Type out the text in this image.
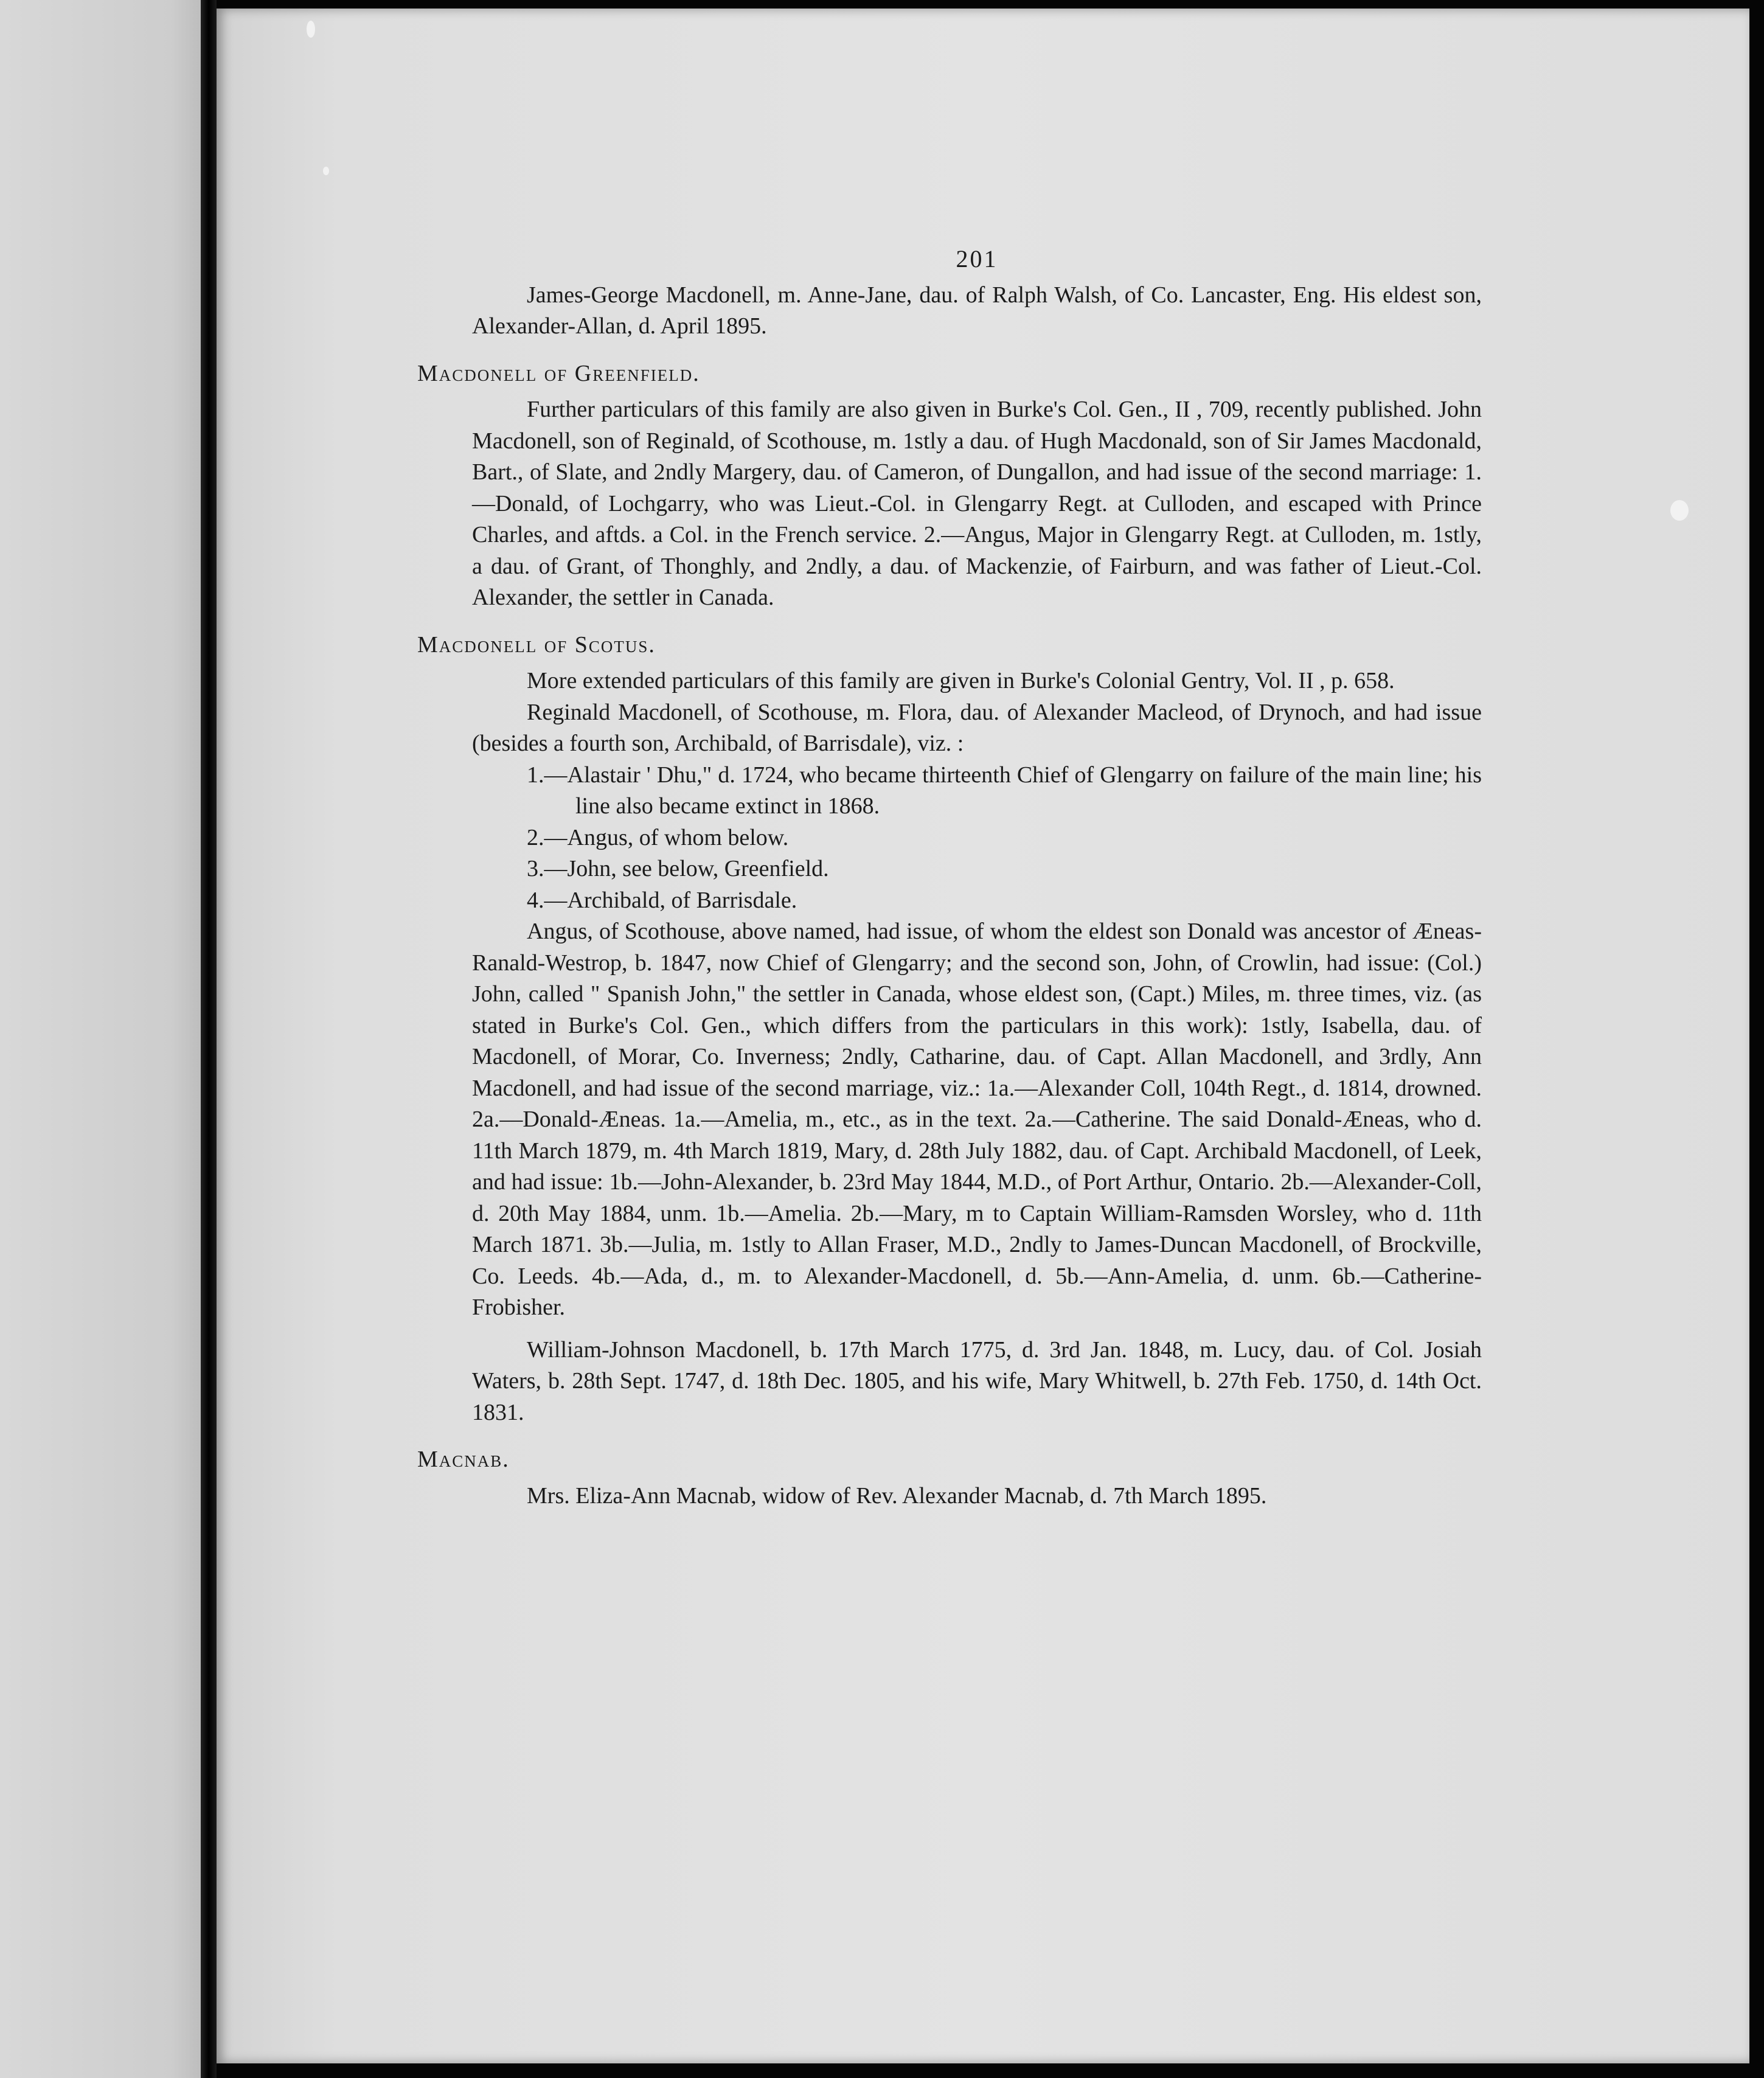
201

James-George Macdonell, m. Anne-Jane, dau. of Ralph Walsh, of Co. Lancaster, Eng. His eldest son, Alexander-Allan, d. April 1895.

Macdonell of Greenfield.

Further particulars of this family are also given in Burke's Col. Gen., II , 709, recently published. John Macdonell, son of Reginald, of Scothouse, m. 1stly a dau. of Hugh Macdonald, son of Sir James Macdonald, Bart., of Slate, and 2ndly Margery, dau. of Cameron, of Dungallon, and had issue of the second marriage: 1.—Donald, of Lochgarry, who was Lieut.-Col. in Glengarry Regt. at Culloden, and escaped with Prince Charles, and aftds. a Col. in the French service. 2.—Angus, Major in Glengarry Regt. at Culloden, m. 1stly, a dau. of Grant, of Thonghly, and 2ndly, a dau. of Mackenzie, of Fairburn, and was father of Lieut.-Col. Alexander, the settler in Canada.

Macdonell of Scotus.

More extended particulars of this family are given in Burke's Colonial Gentry, Vol. II , p. 658.

Reginald Macdonell, of Scothouse, m. Flora, dau. of Alexander Macleod, of Drynoch, and had issue (besides a fourth son, Archibald, of Barrisdale), viz. :

1.—Alastair ' Dhu," d. 1724, who became thirteenth Chief of Glengarry on failure of the main line; his line also became extinct in 1868.
2.—Angus, of whom below.
3.—John, see below, Greenfield.
4.—Archibald, of Barrisdale.

Angus, of Scothouse, above named, had issue, of whom the eldest son Donald was ancestor of Æneas-Ranald-Westrop, b. 1847, now Chief of Glengarry; and the second son, John, of Crowlin, had issue: (Col.) John, called " Spanish John," the settler in Canada, whose eldest son, (Capt.) Miles, m. three times, viz. (as stated in Burke's Col. Gen., which differs from the particulars in this work): 1stly, Isabella, dau. of Macdonell, of Morar, Co. Inverness; 2ndly, Catharine, dau. of Capt. Allan Macdonell, and 3rdly, Ann Macdonell, and had issue of the second marriage, viz.: 1a.—Alexander Coll, 104th Regt., d. 1814, drowned. 2a.—Donald-Æneas. 1a.—Amelia, m., etc., as in the text. 2a.—Catherine. The said Donald-Æneas, who d. 11th March 1879, m. 4th March 1819, Mary, d. 28th July 1882, dau. of Capt. Archibald Macdonell, of Leek, and had issue: 1b.—John-Alexander, b. 23rd May 1844, M.D., of Port Arthur, Ontario. 2b.—Alexander-Coll, d. 20th May 1884, unm. 1b.—Amelia. 2b.—Mary, m to Captain William-Ramsden Worsley, who d. 11th March 1871. 3b.—Julia, m. 1stly to Allan Fraser, M.D., 2ndly to James-Duncan Macdonell, of Brockville, Co. Leeds. 4b.—Ada, d., m. to Alexander-Macdonell, d. 5b.—Ann-Amelia, d. unm. 6b.—Catherine-Frobisher.

William-Johnson Macdonell, b. 17th March 1775, d. 3rd Jan. 1848, m. Lucy, dau. of Col. Josiah Waters, b. 28th Sept. 1747, d. 18th Dec. 1805, and his wife, Mary Whitwell, b. 27th Feb. 1750, d. 14th Oct. 1831.

Macnab.

Mrs. Eliza-Ann Macnab, widow of Rev. Alexander Macnab, d. 7th March 1895.
